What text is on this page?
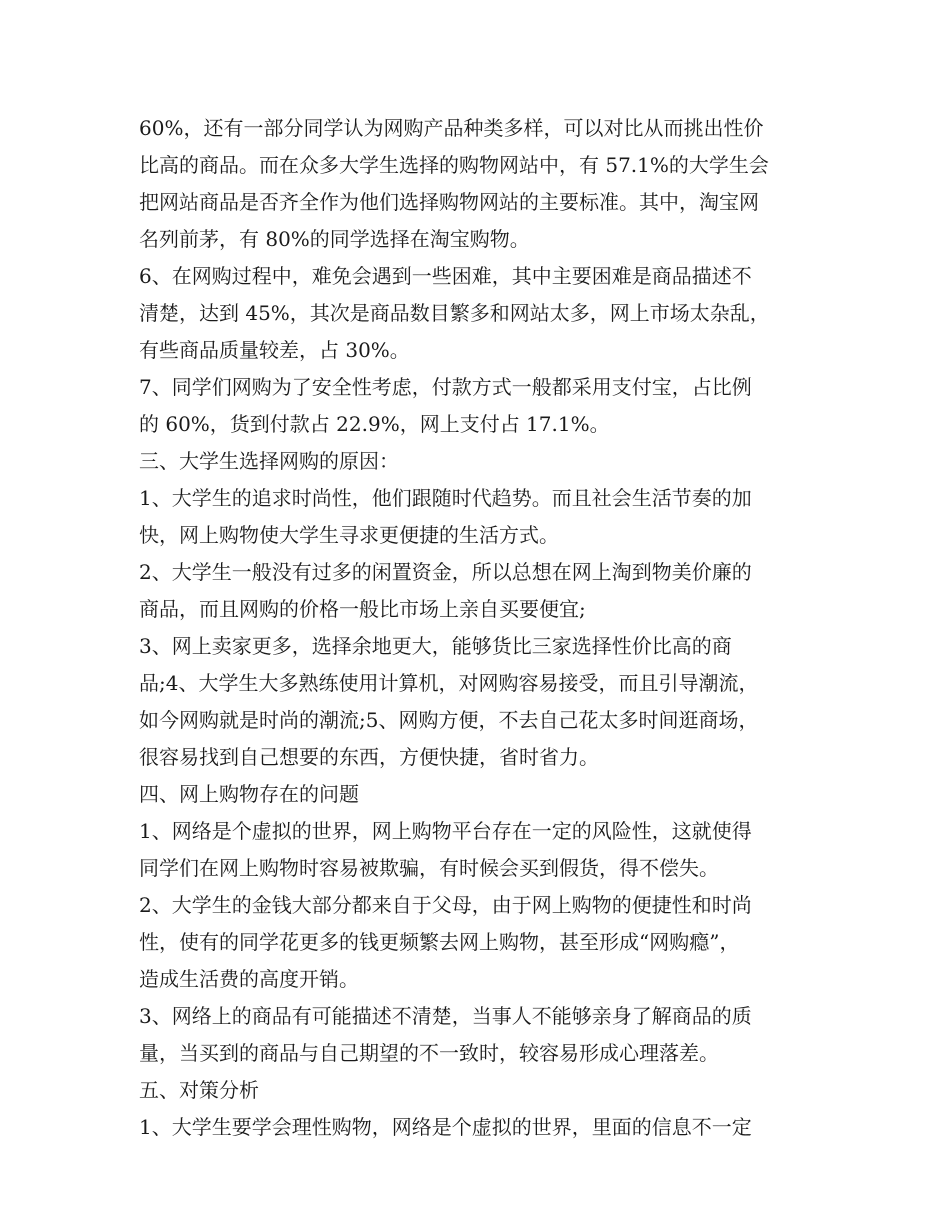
60%，还有一部分同学认为网购产品种类多样，可以对比从而挑出性价

比高的商品。而在众多大学生选择的购物网站中，有 57.1%的大学生会

把网站商品是否齐全作为他们选择购物网站的主要标准。其中，淘宝网

名列前茅，有 80%的同学选择在淘宝购物。

6、在网购过程中，难免会遇到一些困难，其中主要困难是商品描述不

清楚，达到 45%，其次是商品数目繁多和网站太多，网上市场太杂乱，

有些商品质量较差，占 30%。

7、同学们网购为了安全性考虑，付款方式一般都采用支付宝，占比例

的 60%，货到付款占 22.9%，网上支付占 17.1%。

三、大学生选择网购的原因：

1、大学生的追求时尚性，他们跟随时代趋势。而且社会生活节奏的加

快，网上购物使大学生寻求更便捷的生活方式。

2、大学生一般没有过多的闲置资金，所以总想在网上淘到物美价廉的

商品，而且网购的价格一般比市场上亲自买要便宜;

3、网上卖家更多，选择余地更大，能够货比三家选择性价比高的商

品;4、大学生大多熟练使用计算机，对网购容易接受，而且引导潮流，

如今网购就是时尚的潮流;5、网购方便，不去自己花太多时间逛商场，

很容易找到自己想要的东西，方便快捷，省时省力。

四、网上购物存在的问题

1、网络是个虚拟的世界，网上购物平台存在一定的风险性，这就使得

同学们在网上购物时容易被欺骗，有时候会买到假货，得不偿失。

2、大学生的金钱大部分都来自于父母，由于网上购物的便捷性和时尚

性，使有的同学花更多的钱更频繁去网上购物，甚至形成“网购瘾”，

造成生活费的高度开销。

3、网络上的商品有可能描述不清楚，当事人不能够亲身了解商品的质

量，当买到的商品与自己期望的不一致时，较容易形成心理落差。

五、对策分析

1、大学生要学会理性购物，网络是个虚拟的世界，里面的信息不一定
